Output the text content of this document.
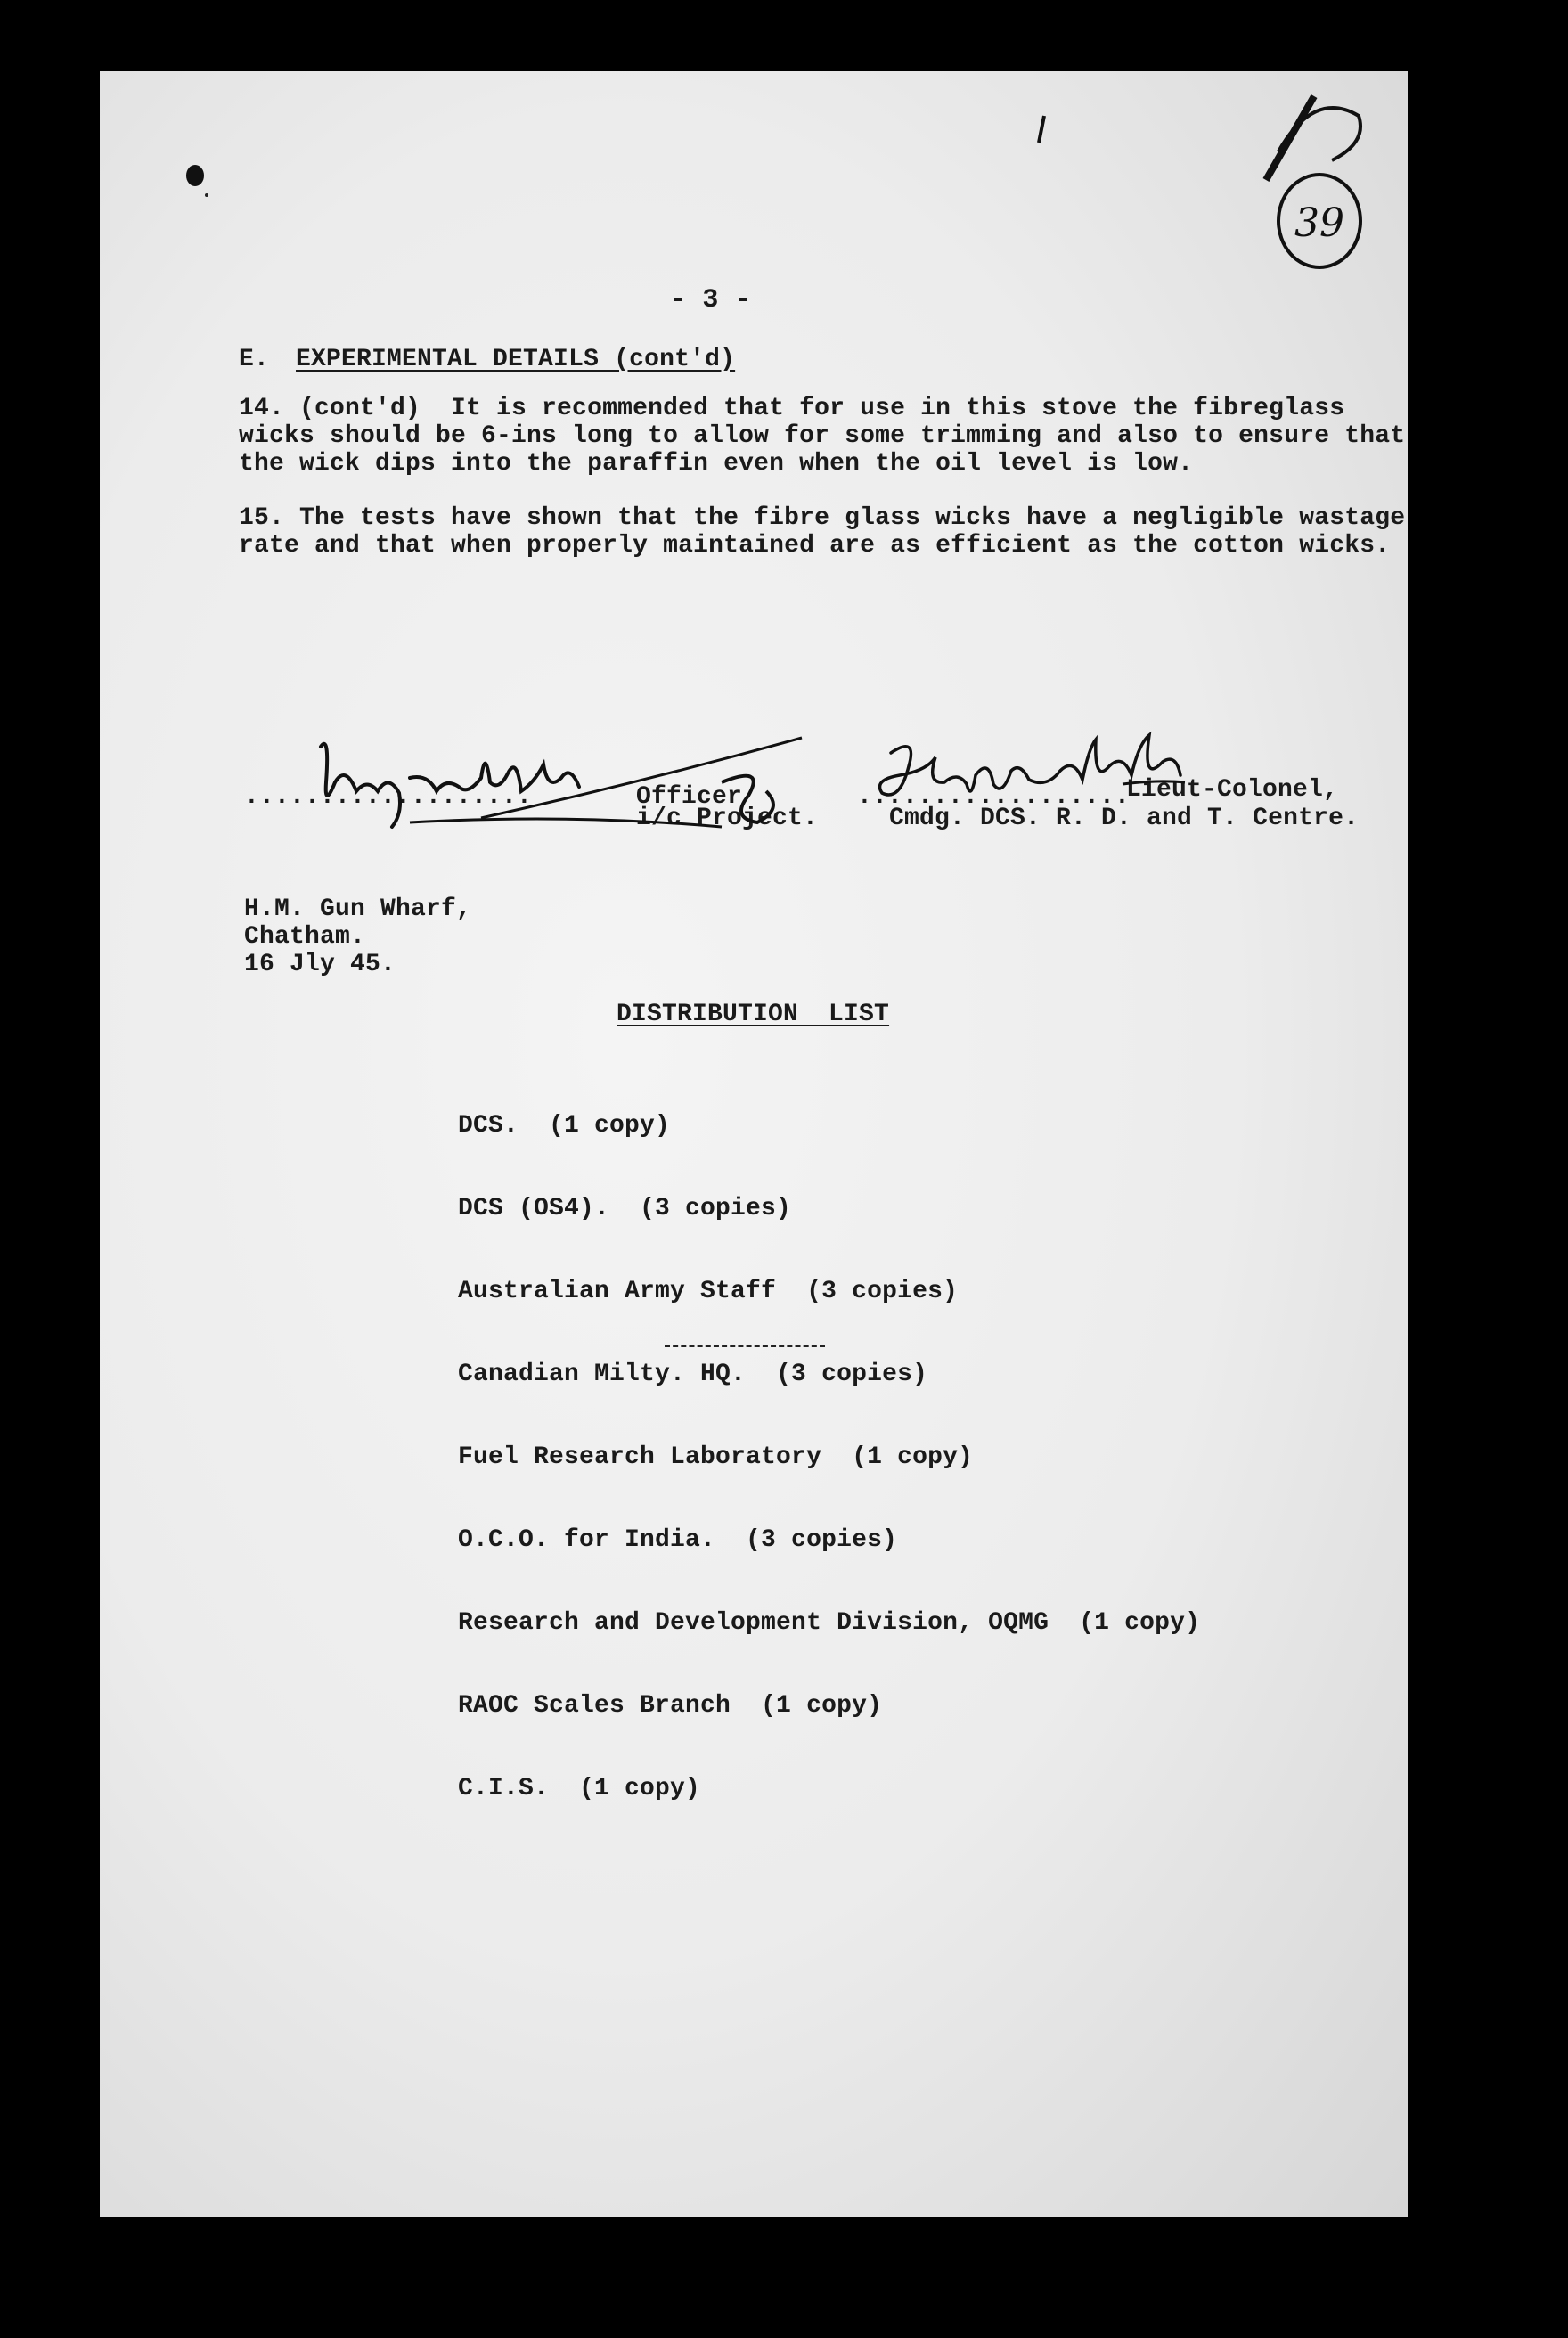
39
- 3 -
E. EXPERIMENTAL DETAILS (cont'd)
14. (cont'd)  It is recommended that for use in this stove the fibreglass
wicks should be 6-ins long to allow for some trimming and also to ensure that
the wick dips into the paraffin even when the oil level is low.
15. The tests have shown that the fibre glass wicks have a negligible wastage
rate and that when properly maintained are as efficient as the cotton wicks.
...................	Officer
i/c Project.
..................
Lieut-Colonel,
Cmdg. DCS. R. D. and T. Centre.
H.M. Gun Wharf,
Chatham.
16 Jly 45.
DISTRIBUTION  LIST

DCS.  (1 copy)

DCS (OS4).  (3 copies)

Australian Army Staff  (3 copies)

Canadian Milty. HQ.  (3 copies)

Fuel Research Laboratory  (1 copy)

O.C.O. for India.  (3 copies)

Research and Development Division, OQMG  (1 copy)

RAOC Scales Branch  (1 copy)

C.I.S.  (1 copy)
